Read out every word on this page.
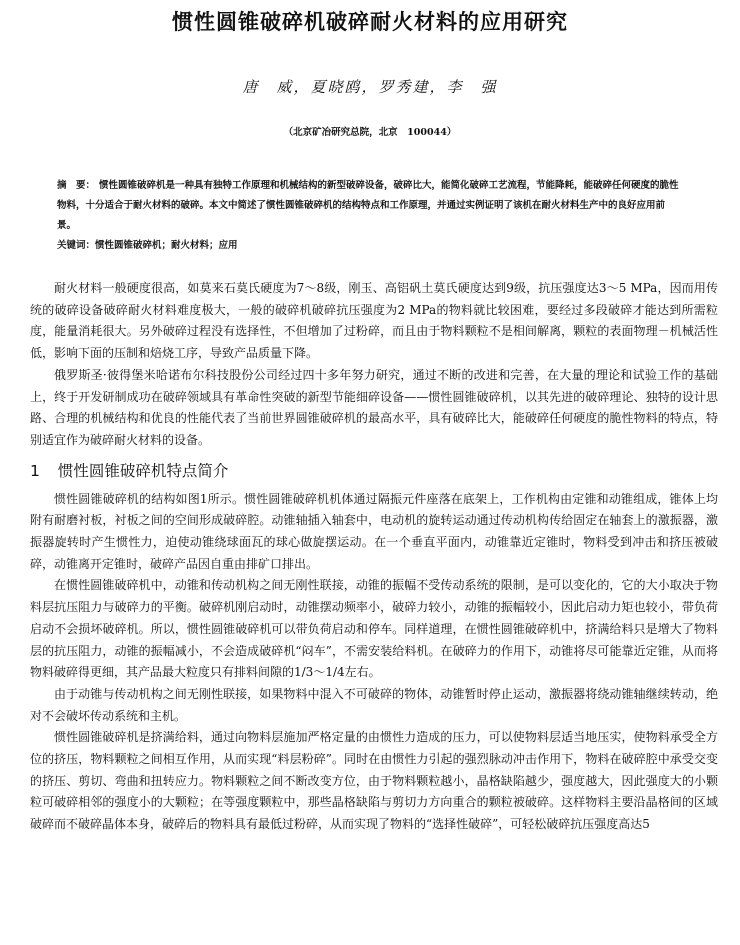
惯性圆锥破碎机破碎耐火材料的应用研究
唐　威，夏晓鸥，罗秀建，李　强
（北京矿冶研究总院，北京　100044）
摘　要： 惯性圆锥破碎机是一种具有独特工作原理和机械结构的新型破碎设备，破碎比大，能简化破碎工艺流程，节能降耗，能破碎任何硬度的脆性物料，十分适合于耐火材料的破碎。本文中简述了惯性圆锥破碎机的结构特点和工作原理，并通过实例证明了该机在耐火材料生产中的良好应用前景。
关键词：惯性圆锥破碎机；耐火材料；应用

耐火材料一般硬度很高，如莫来石莫氏硬度为7～8级，刚玉、高铝矾土莫氏硬度达到9级，抗压强度达3～5 MPa，因而用传统的破碎设备破碎耐火材料难度极大，一般的破碎机破碎抗压强度为2 MPa的物料就比较困难，要经过多段破碎才能达到所需粒度，能量消耗很大。另外破碎过程没有选择性，不但增加了过粉碎，而且由于物料颗粒不是相间解离，颗粒的表面物理－机械活性低，影响下面的压制和焙烧工序，导致产品质量下降。

俄罗斯圣·彼得堡米哈诺布尔科技股份公司经过四十多年努力研究，通过不断的改进和完善，在大量的理论和试验工作的基础上，终于开发研制成功在破碎领域具有革命性突破的新型节能细碎设备——惯性圆锥破碎机，以其先进的破碎理论、独特的设计思路、合理的机械结构和优良的性能代表了当前世界圆锥破碎机的最高水平，具有破碎比大，能破碎任何硬度的脆性物料的特点，特别适宜作为破碎耐火材料的设备。

1 惯性圆锥破碎机特点简介

惯性圆锥破碎机的结构如图1所示。惯性圆锥破碎机机体通过隔振元件座落在底架上，工作机构由定锥和动锥组成，锥体上均附有耐磨衬板，衬板之间的空间形成破碎腔。动锥轴插入轴套中，电动机的旋转运动通过传动机构传给固定在轴套上的激振器，激振器旋转时产生惯性力，迫使动锥绕球面瓦的球心做旋摆运动。在一个垂直平面内，动锥靠近定锥时，物料受到冲击和挤压被破碎，动锥离开定锥时，破碎产品因自重由排矿口排出。

在惯性圆锥破碎机中，动锥和传动机构之间无刚性联接，动锥的振幅不受传动系统的限制，是可以变化的，它的大小取决于物料层抗压阻力与破碎力的平衡。破碎机刚启动时，动锥摆动频率小，破碎力较小，动锥的振幅较小，因此启动力矩也较小，带负荷启动不会损坏破碎机。所以，惯性圆锥破碎机可以带负荷启动和停车。同样道理，在惯性圆锥破碎机中，挤满给料只是增大了物料层的抗压阻力，动锥的振幅减小，不会造成破碎机“闷车”，不需安装给料机。在破碎力的作用下，动锥将尽可能靠近定锥，从而将物料破碎得更细，其产品最大粒度只有排料间隙的1/3～1/4左右。

由于动锥与传动机构之间无刚性联接，如果物料中混入不可破碎的物体，动锥暂时停止运动，激振器将绕动锥轴继续转动，绝对不会破坏传动系统和主机。

惯性圆锥破碎机是挤满给料，通过向物料层施加严格定量的由惯性力造成的压力，可以使物料层适当地压实，使物料承受全方位的挤压，物料颗粒之间相互作用，从而实现“料层粉碎”。同时在由惯性力引起的强烈脉动冲击作用下，物料在破碎腔中承受交变的挤压、剪切、弯曲和扭转应力。物料颗粒之间不断改变方位，由于物料颗粒越小，晶格缺陷越少，强度越大，因此强度大的小颗粒可破碎相邻的强度小的大颗粒；在等强度颗粒中，那些晶格缺陷与剪切力方向重合的颗粒被破碎。这样物料主要沿晶格间的区域破碎而不破碎晶体本身，破碎后的物料具有最低过粉碎，从而实现了物料的“选择性破碎”，可轻松破碎抗压强度高达5
